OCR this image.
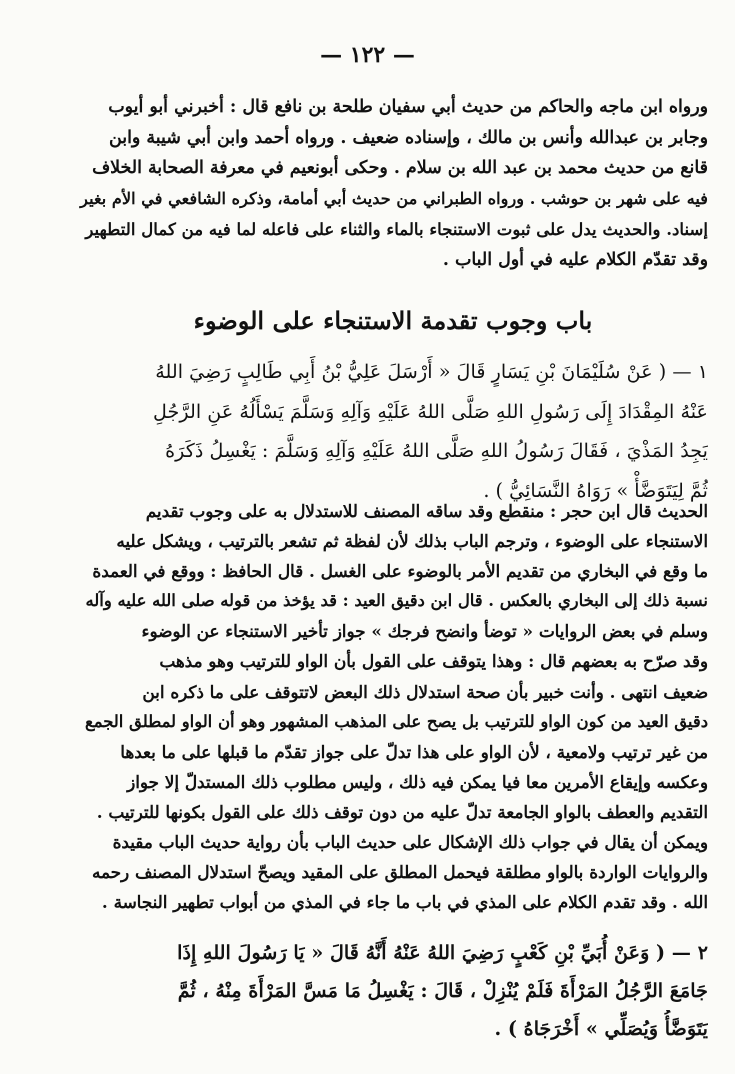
— ١٢٢ —
ورواه ابن ماجه والحاكم من حديث أبي سفيان طلحة بن نافع قال : أخبرني أبو أيوب
وجابر بن عبدالله وأنس بن مالك ، وإسناده ضعيف . ورواه أحمد وابن أبي شيبة وابن
قانع من حديث محمد بن عبد الله بن سلام . وحكى أبونعيم في معرفة الصحابة الخلاف
فيه على شهر بن حوشب . ورواه الطبراني من حديث أبي أمامة، وذكره الشافعي في الأم بغير
إسناد. والحديث يدل على ثبوت الاستنجاء بالماء والثناء على فاعله لما فيه من كمال التطهير
وقد تقدّم الكلام عليه في أول الباب .
باب وجوب تقدمة الاستنجاء على الوضوء
١ — ( عَنْ سُلَيْمَانَ بْنِ يَسَارٍ قَالَ « أَرْسَلَ عَلِيُّ بْنُ أَبِي طَالِبٍ رَضِيَ اللهُ
عَنْهُ المِقْدَادَ إِلَى رَسُولِ اللهِ صَلَّى اللهُ عَلَيْهِ وَآلِهِ وَسَلَّمَ يَسْأَلُهُ عَنِ الرَّجُلِ
يَجِدُ المَذْيَ ، فَقَالَ رَسُولُ اللهِ صَلَّى اللهُ عَلَيْهِ وَآلِهِ وَسَلَّمَ : يَغْسِلُ ذَكَرَهُ
ثُمَّ لِيَتَوَضَّأْ » رَوَاهُ النَّسَائِيُّ ) .
الحديث قال ابن حجر : منقطع وقد ساقه المصنف للاستدلال به على وجوب تقديم
الاستنجاء على الوضوء ، وترجم الباب بذلك لأن لفظة ثم تشعر بالترتيب ، ويشكل عليه
ما وقع في البخاري من تقديم الأمر بالوضوء على الغسل . قال الحافظ : ووقع في العمدة
نسبة ذلك إلى البخاري بالعكس . قال ابن دقيق العيد : قد يؤخذ من قوله صلى الله عليه وآله
وسلم في بعض الروايات « توضأ وانضح فرجك » جواز تأخير الاستنجاء عن الوضوء
وقد صرّح به بعضهم قال : وهذا يتوقف على القول بأن الواو للترتيب وهو مذهب
ضعيف انتهى . وأنت خبير بأن صحة استدلال ذلك البعض لاتتوقف على ما ذكره ابن
دقيق العيد من كون الواو للترتيب بل يصح على المذهب المشهور وهو أن الواو لمطلق الجمع
من غير ترتيب ولامعية ، لأن الواو على هذا تدلّ على جواز تقدّم ما قبلها على ما بعدها
وعكسه وإيقاع الأمرين معا فيا يمكن فيه ذلك ، وليس مطلوب ذلك المستدلّ إلا جواز
التقديم والعطف بالواو الجامعة تدلّ عليه من دون توقف ذلك على القول بكونها للترتيب .
ويمكن أن يقال في جواب ذلك الإشكال على حديث الباب بأن رواية حديث الباب مقيدة
والروايات الواردة بالواو مطلقة فيحمل المطلق على المقيد ويصحّ استدلال المصنف رحمه
الله . وقد تقدم الكلام على المذي في باب ما جاء في المذي من أبواب تطهير النجاسة .
٢ — ( وَعَنْ أُبَيِّ بْنِ كَعْبٍ رَضِيَ اللهُ عَنْهُ أَنَّهُ قَالَ « يَا رَسُولَ اللهِ إِذَا
جَامَعَ الرَّجُلُ المَرْأَةَ فَلَمْ يُنْزِلْ ، قَالَ : يَغْسِلُ مَا مَسَّ المَرْأَةَ مِنْهُ ، ثُمَّ
يَتَوَضَّأُ وَيُصَلِّي » أَخْرَجَاهُ ) .
